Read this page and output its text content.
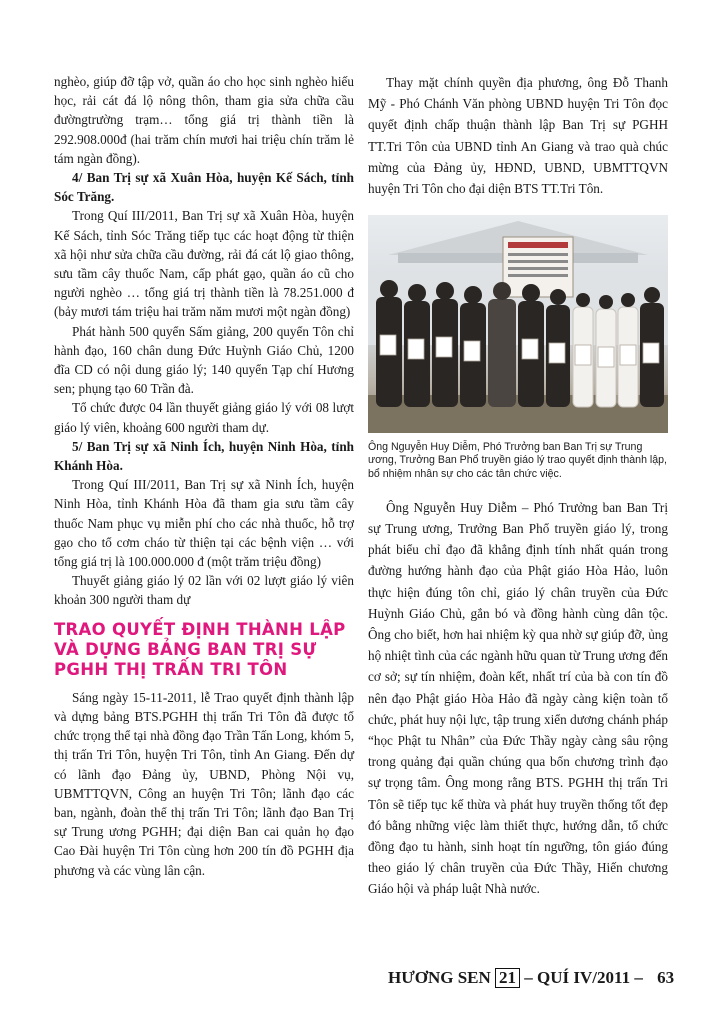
nghèo, giúp đỡ tập vở, quần áo cho học sinh nghèo hiếu học, rải cát đá lộ nông thôn, tham gia sửa chữa cầu đườngtrường trạm… tổng giá trị thành tiền là 292.908.000đ (hai trăm chín mươi hai triệu chín trăm lẻ tám ngàn đồng).

4/ Ban Trị sự xã Xuân Hòa, huyện Kế Sách, tỉnh Sóc Trăng.

Trong Quí III/2011, Ban Trị sự xã Xuân Hòa, huyện Kế Sách, tỉnh Sóc Trăng tiếp tục các hoạt động từ thiện xã hội như sửa chữa cầu đường, rải đá cát lộ giao thông, sưu tầm cây thuốc Nam, cấp phát gạo, quần áo cũ cho người nghèo … tổng giá trị thành tiền là 78.251.000 đ (bảy mươi tám triệu hai trăm năm mươi một ngàn đồng)

Phát hành 500 quyển Sấm giảng, 200 quyển Tôn chỉ hành đạo, 160 chân dung Đức Huỳnh Giáo Chủ, 1200 đĩa CD có nội dung giáo lý; 140 quyển Tạp chí Hương sen; phụng tạo 60 Trần đà.

Tổ chức được 04 lần thuyết giảng giáo lý với 08 lượt giáo lý viên, khoảng 600 người tham dự.

5/ Ban Trị sự xã Ninh Ích, huyện Ninh Hòa, tỉnh Khánh Hòa.

Trong Quí III/2011, Ban Trị sự xã Ninh Ích, huyện Ninh Hòa, tỉnh Khánh Hòa đã tham gia sưu tầm cây thuốc Nam phục vụ miễn phí cho các nhà thuốc, hỗ trợ gạo cho tổ cơm cháo từ thiện tại các bệnh viện … với tổng giá trị là 100.000.000 đ (một trăm triệu đồng)

Thuyết giảng giáo lý 02 lần với 02 lượt giáo lý viên khoản 300 người tham dự

TRAO QUYẾT ĐỊNH THÀNH LẬP VÀ DỰNG BẢNG BAN TRỊ SỰ PGHH THỊ TRẤN TRI TÔN

Sáng ngày 15-11-2011, lễ Trao quyết định thành lập và dựng bảng BTS.PGHH thị trấn Tri Tôn đã được tổ chức trọng thể tại nhà đồng đạo Trần Tấn Long, khóm 5, thị trấn Tri Tôn, huyện Tri Tôn, tỉnh An Giang. Đến dự có lãnh đạo Đảng ủy, UBND, Phòng Nội vụ, UBMTTQVN, Công an huyện Tri Tôn; lãnh đạo các ban, ngành, đoàn thể thị trấn Tri Tôn; lãnh đạo Ban Trị sự Trung ương PGHH; đại diện Ban cai quản họ đạo Cao Đài huyện Tri Tôn cùng hơn 200 tín đồ PGHH địa phương và các vùng lân cận.

Thay mặt chính quyền địa phương, ông Đỗ Thanh Mỹ - Phó Chánh Văn phòng UBND huyện Tri Tôn đọc quyết định chấp thuận thành lập Ban Trị sự PGHH TT.Tri Tôn của UBND tỉnh An Giang và trao quà chúc mừng của Đảng ủy, HĐND, UBND, UBMTTQVN huyện Tri Tôn cho đại diện BTS TT.Tri Tôn.

Ông Nguyễn Huy Diễm, Phó Trưởng ban Ban Trị sự Trung ương, Trưởng Ban Phổ truyền giáo lý trao quyết định thành lập, bổ nhiệm nhân sự cho các tân chức việc.

Ông Nguyễn Huy Diễm – Phó Trưởng ban Ban Trị sự Trung ương, Trưởng Ban Phổ truyền giáo lý, trong phát biểu chỉ đạo đã khẳng định tính nhất quán trong đường hướng hành đạo của Phật giáo Hòa Hảo, luôn thực hiện đúng tôn chỉ, giáo lý chân truyền của Đức Huỳnh Giáo Chủ, gắn bó và đồng hành cùng dân tộc. Ông cho biết, hơn hai nhiệm kỳ qua nhờ sự giúp đỡ, ủng hộ nhiệt tình của các ngành hữu quan từ Trung ương đến cơ sở; sự tín nhiệm, đoàn kết, nhất trí của bà con tín đồ nên đạo Phật giáo Hòa Hảo đã ngày càng kiện toàn tổ chức, phát huy nội lực, tập trung xiển dương chánh pháp “học Phật tu Nhân” của Đức Thầy ngày càng sâu rộng trong quảng đại quần chúng qua bốn chương trình đạo sự trọng tâm. Ông mong rằng BTS. PGHH thị trấn Tri Tôn sẽ tiếp tục kế thừa và phát huy truyền thống tốt đẹp đó bằng những việc làm thiết thực, hướng dẫn, tổ chức đồng đạo tu hành, sinh hoạt tín ngưỡng, tôn giáo đúng theo giáo lý chân truyền của Đức Thầy, Hiến chương Giáo hội và pháp luật Nhà nước.

HƯƠNG SEN 21 – QUÍ IV/2011 – 63
